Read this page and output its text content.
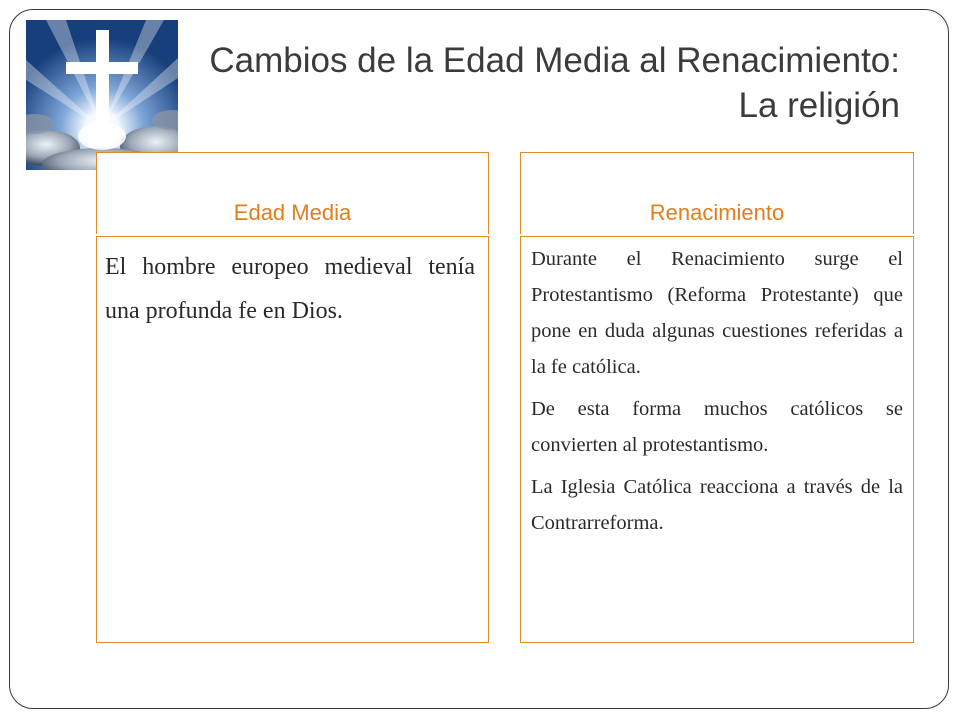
Cambios de la Edad Media al Renacimiento: La religión
Edad Media
El hombre europeo medieval tenía una profunda fe en Dios.
Renacimiento

Durante el Renacimiento surge el Protestantismo (Reforma Protestante) que pone en duda algunas cuestiones referidas a la fe católica.

De esta forma muchos católicos se convierten al protestantismo.

La Iglesia Católica reacciona a través de la Contrarreforma.
